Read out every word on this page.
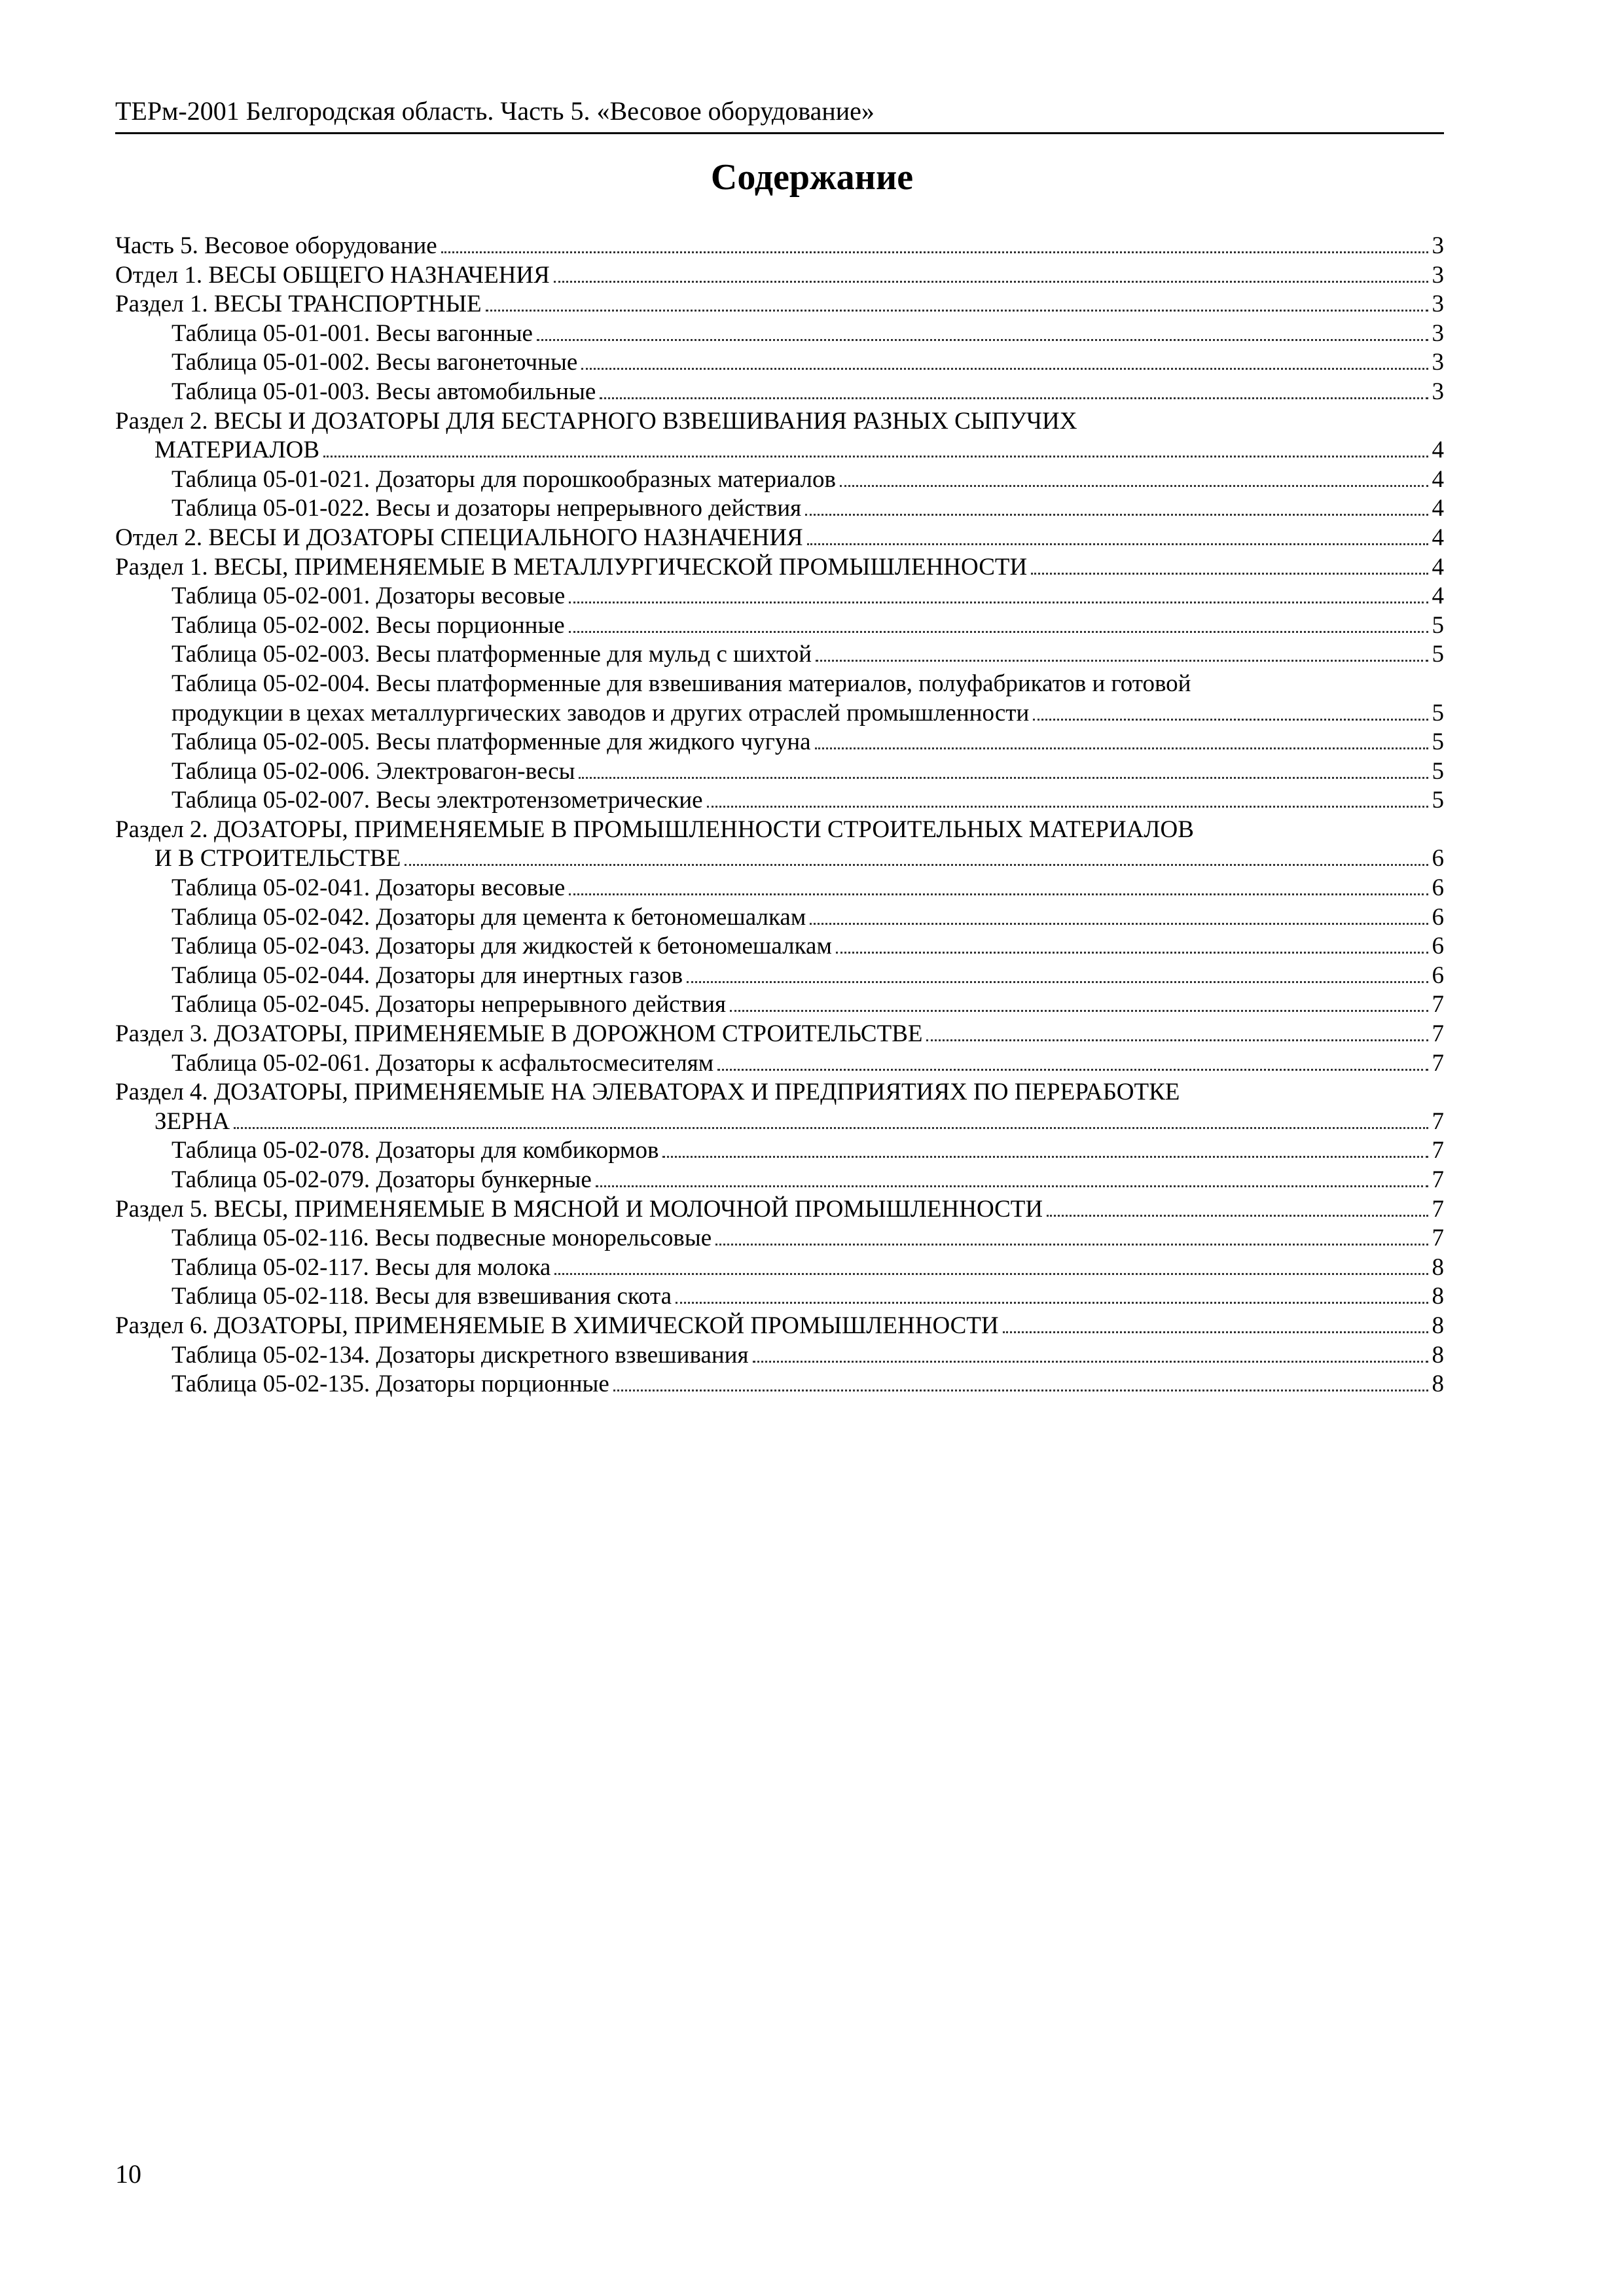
ТЕРм-2001 Белгородская область. Часть 5. «Весовое оборудование»
Содержание
Часть 5. Весовое оборудование	3
Отдел 1. ВЕСЫ ОБЩЕГО НАЗНАЧЕНИЯ	3
Раздел 1. ВЕСЫ ТРАНСПОРТНЫЕ	3
Таблица 05-01-001. Весы вагонные	3
Таблица 05-01-002. Весы вагонеточные	3
Таблица 05-01-003. Весы автомобильные	3
Раздел 2. ВЕСЫ И ДОЗАТОРЫ ДЛЯ БЕСТАРНОГО ВЗВЕШИВАНИЯ РАЗНЫХ СЫПУЧИХ
МАТЕРИАЛОВ	4
Таблица 05-01-021. Дозаторы для порошкообразных материалов	4
Таблица 05-01-022. Весы и дозаторы непрерывного действия	4
Отдел 2. ВЕСЫ И ДОЗАТОРЫ СПЕЦИАЛЬНОГО НАЗНАЧЕНИЯ	4
Раздел 1. ВЕСЫ, ПРИМЕНЯЕМЫЕ В МЕТАЛЛУРГИЧЕСКОЙ ПРОМЫШЛЕННОСТИ	4
Таблица 05-02-001. Дозаторы весовые	4
Таблица 05-02-002. Весы порционные	5
Таблица 05-02-003. Весы платформенные для мульд с шихтой	5
Таблица 05-02-004. Весы платформенные для взвешивания материалов, полуфабрикатов и готовой
продукции в цехах металлургических заводов и других отраслей промышленности	5
Таблица 05-02-005. Весы платформенные для жидкого чугуна	5
Таблица 05-02-006. Электровагон-весы	5
Таблица 05-02-007. Весы электротензометрические	5
Раздел 2. ДОЗАТОРЫ, ПРИМЕНЯЕМЫЕ В ПРОМЫШЛЕННОСТИ СТРОИТЕЛЬНЫХ МАТЕРИАЛОВ
И В СТРОИТЕЛЬСТВЕ	6
Таблица 05-02-041. Дозаторы весовые	6
Таблица 05-02-042. Дозаторы для цемента к бетономешалкам	6
Таблица 05-02-043. Дозаторы для жидкостей к бетономешалкам	6
Таблица 05-02-044. Дозаторы для инертных газов	6
Таблица 05-02-045. Дозаторы непрерывного действия	7
Раздел 3. ДОЗАТОРЫ, ПРИМЕНЯЕМЫЕ В ДОРОЖНОМ СТРОИТЕЛЬСТВЕ	7
Таблица 05-02-061. Дозаторы к асфальтосмесителям	7
Раздел 4. ДОЗАТОРЫ, ПРИМЕНЯЕМЫЕ НА ЭЛЕВАТОРАХ И ПРЕДПРИЯТИЯХ ПО ПЕРЕРАБОТКЕ
ЗЕРНА	7
Таблица 05-02-078. Дозаторы для комбикормов	7
Таблица 05-02-079. Дозаторы бункерные	7
Раздел 5. ВЕСЫ, ПРИМЕНЯЕМЫЕ В МЯСНОЙ И МОЛОЧНОЙ ПРОМЫШЛЕННОСТИ	7
Таблица 05-02-116. Весы подвесные монорельсовые	7
Таблица 05-02-117. Весы для молока	8
Таблица 05-02-118. Весы для взвешивания скота	8
Раздел 6. ДОЗАТОРЫ, ПРИМЕНЯЕМЫЕ В ХИМИЧЕСКОЙ ПРОМЫШЛЕННОСТИ	8
Таблица 05-02-134. Дозаторы дискретного взвешивания	8
Таблица 05-02-135. Дозаторы порционные	8
10
